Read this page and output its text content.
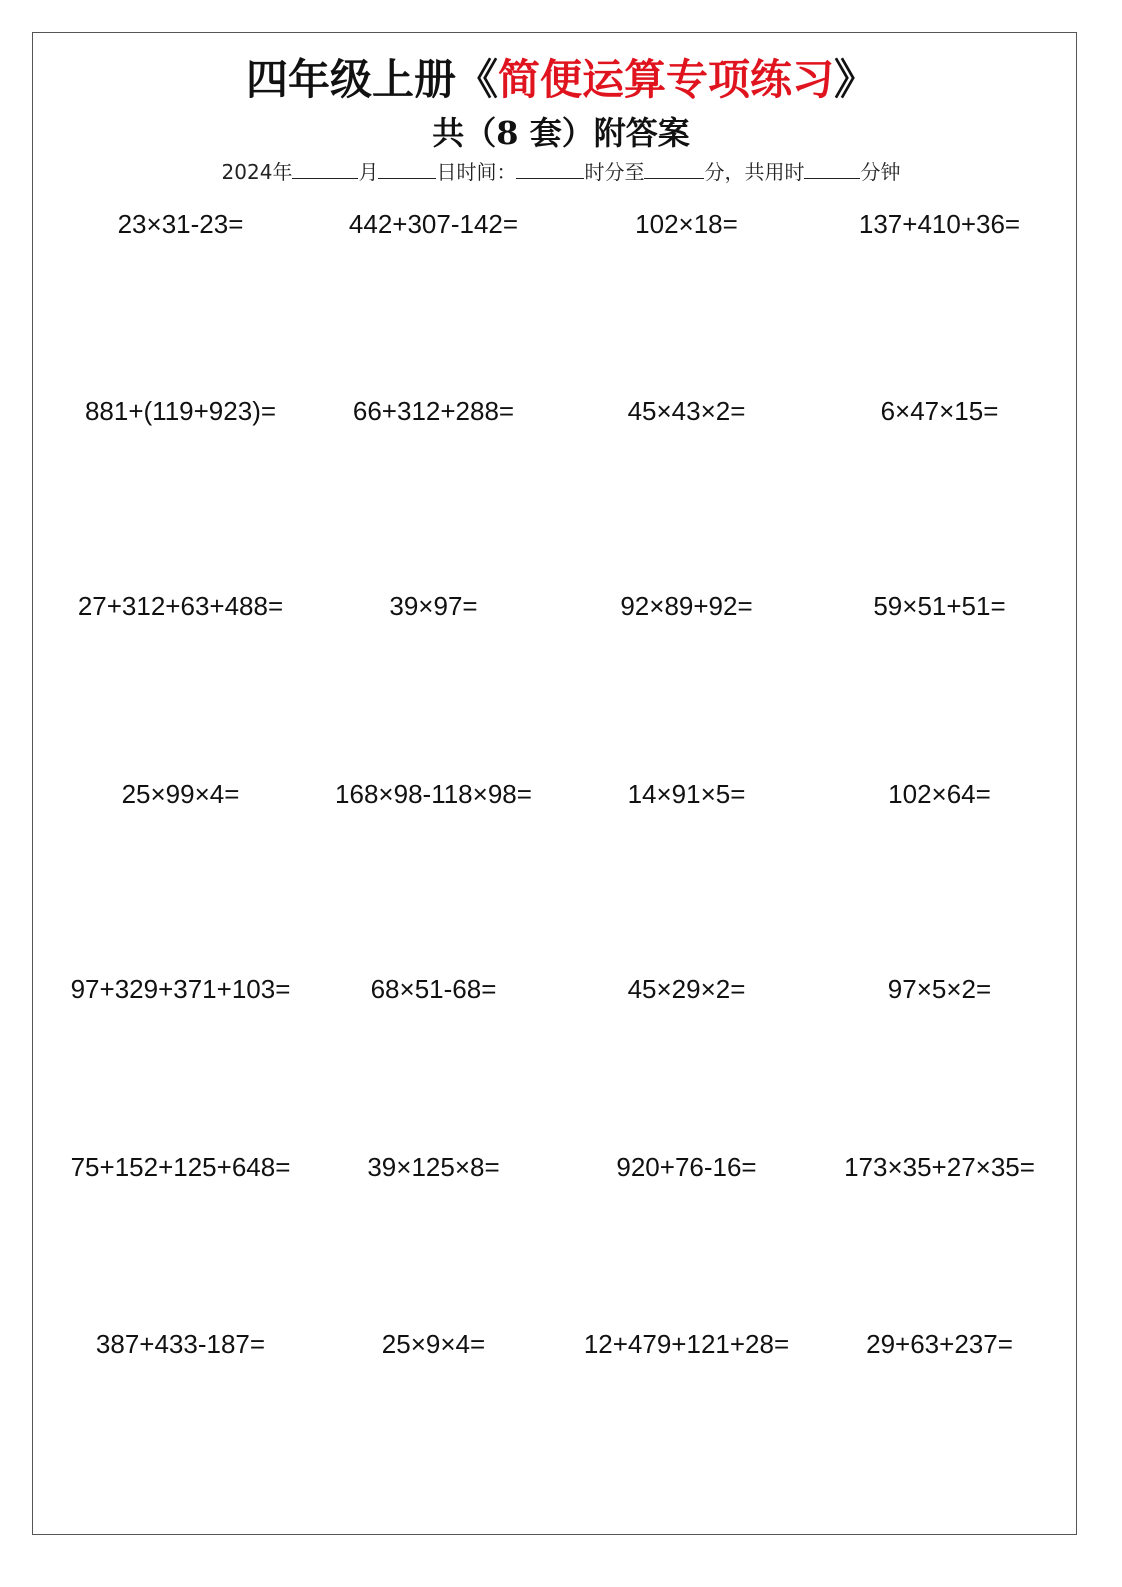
四年级上册《简便运算专项练习》
共（8 套）附答案
2024年	月	日时间：	时分至	分，共用时	分钟
23×31-23=	442+307-142=	102×18=	137+410+36=
881+(119+923)=	66+312+288=	45×43×2=	6×47×15=
27+312+63+488=	39×97=	92×89+92=	59×51+51=
25×99×4=	168×98-118×98=	14×91×5=	102×64=
97+329+371+103=	68×51-68=	45×29×2=	97×5×2=
75+152+125+648=	39×125×8=	920+76-16=	173×35+27×35=
387+433-187=	25×9×4=	12+479+121+28=	29+63+237=
